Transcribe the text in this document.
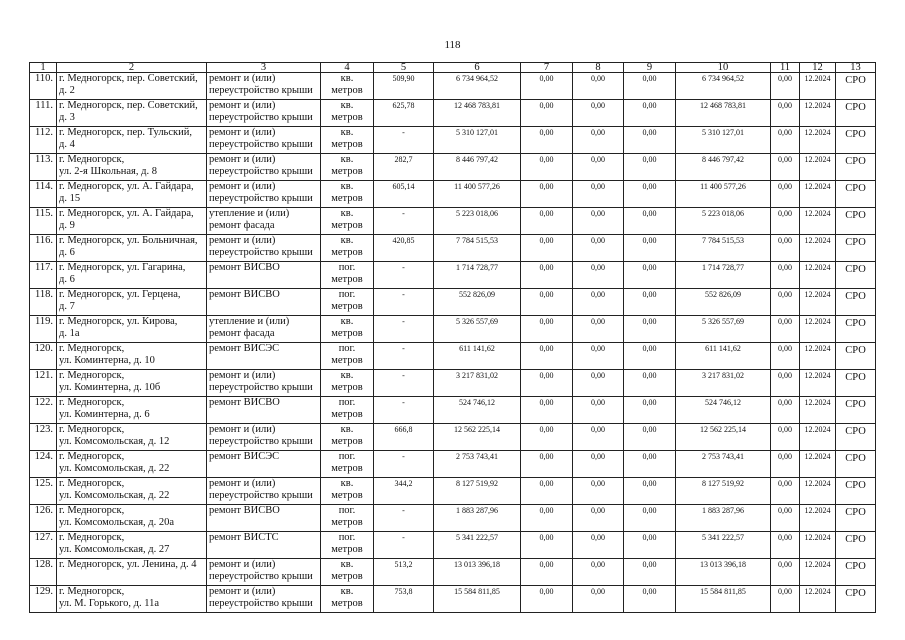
118
1	2	3	4	5	6	7	8	9	10	11	12	13

110.	г. Медногорск, пер. Советский,
д. 2	ремонт и (или)
переустройство крыши	кв.
метров	509,90	6 734 964,52	0,00	0,00	0,00	6 734 964,52	0,00	12.2024	СРО

111.	г. Медногорск, пер. Советский,
д. 3	ремонт и (или)
переустройство крыши	кв.
метров	625,78	12 468 783,81	0,00	0,00	0,00	12 468 783,81	0,00	12.2024	СРО

112.	г. Медногорск, пер. Тульский,
д. 4	ремонт и (или)
переустройство крыши	кв.
метров	-	5 310 127,01	0,00	0,00	0,00	5 310 127,01	0,00	12.2024	СРО

113.	г. Медногорск,
ул. 2-я Школьная, д. 8	ремонт и (или)
переустройство крыши	кв.
метров	282,7	8 446 797,42	0,00	0,00	0,00	8 446 797,42	0,00	12.2024	СРО

114.	г. Медногорск, ул. А. Гайдара,
д. 15	ремонт и (или)
переустройство крыши	кв.
метров	605,14	11 400 577,26	0,00	0,00	0,00	11 400 577,26	0,00	12.2024	СРО

115.	г. Медногорск, ул. А. Гайдара,
д. 9	утепление и (или)
ремонт фасада	кв.
метров	-	5 223 018,06	0,00	0,00	0,00	5 223 018,06	0,00	12.2024	СРО

116.	г. Медногорск, ул. Больничная,
д. 6	ремонт и (или)
переустройство крыши	кв.
метров	420,85	7 784 515,53	0,00	0,00	0,00	7 784 515,53	0,00	12.2024	СРО

117.	г. Медногорск, ул. Гагарина,
д. 6	ремонт ВИСВО	пог.
метров	-	1 714 728,77	0,00	0,00	0,00	1 714 728,77	0,00	12.2024	СРО

118.	г. Медногорск, ул. Герцена,
д. 7	ремонт ВИСВО	пог.
метров	-	552 826,09	0,00	0,00	0,00	552 826,09	0,00	12.2024	СРО

119.	г. Медногорск, ул. Кирова,
д. 1а	утепление и (или)
ремонт фасада	кв.
метров	-	5 326 557,69	0,00	0,00	0,00	5 326 557,69	0,00	12.2024	СРО

120.	г. Медногорск,
ул. Коминтерна, д. 10	ремонт ВИСЭС	пог.
метров	-	611 141,62	0,00	0,00	0,00	611 141,62	0,00	12.2024	СРО

121.	г. Медногорск,
ул. Коминтерна, д. 10б	ремонт и (или)
переустройство крыши	кв.
метров	-	3 217 831,02	0,00	0,00	0,00	3 217 831,02	0,00	12.2024	СРО

122.	г. Медногорск,
ул. Коминтерна, д. 6	ремонт ВИСВО	пог.
метров	-	524 746,12	0,00	0,00	0,00	524 746,12	0,00	12.2024	СРО

123.	г. Медногорск,
ул. Комсомольская, д. 12	ремонт и (или)
переустройство крыши	кв.
метров	666,8	12 562 225,14	0,00	0,00	0,00	12 562 225,14	0,00	12.2024	СРО

124.	г. Медногорск,
ул. Комсомольская, д. 22	ремонт ВИСЭС	пог.
метров	-	2 753 743,41	0,00	0,00	0,00	2 753 743,41	0,00	12.2024	СРО

125.	г. Медногорск,
ул. Комсомольская, д. 22	ремонт и (или)
переустройство крыши	кв.
метров	344,2	8 127 519,92	0,00	0,00	0,00	8 127 519,92	0,00	12.2024	СРО

126.	г. Медногорск,
ул. Комсомольская, д. 20а	ремонт ВИСВО	пог.
метров	-	1 883 287,96	0,00	0,00	0,00	1 883 287,96	0,00	12.2024	СРО

127.	г. Медногорск,
ул. Комсомольская, д. 27	ремонт ВИСТС	пог.
метров	-	5 341 222,57	0,00	0,00	0,00	5 341 222,57	0,00	12.2024	СРО

128.	г. Медногорск, ул. Ленина, д. 4	ремонт и (или)
переустройство крыши	кв.
метров	513,2	13 013 396,18	0,00	0,00	0,00	13 013 396,18	0,00	12.2024	СРО

129.	г. Медногорск,
ул. М. Горького, д. 11а	ремонт и (или)
переустройство крыши	кв.
метров	753,8	15 584 811,85	0,00	0,00	0,00	15 584 811,85	0,00	12.2024	СРО
